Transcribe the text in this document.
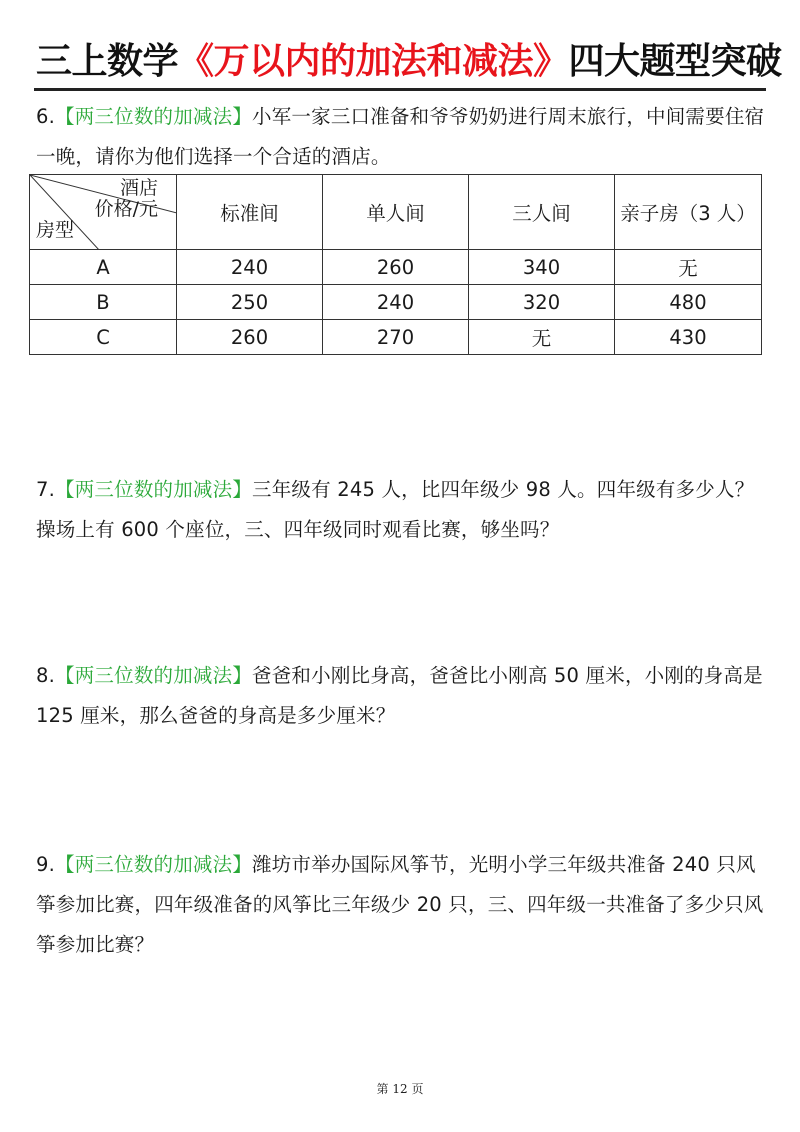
三上数学《万以内的加法和减法》四大题型突破
6.【两三位数的加减法】小军一家三口准备和爷爷奶奶进行周末旅行，中间需要住宿一晚，请你为他们选择一个合适的酒店。
酒店
价格/元
房型	标准间	单人间	三人间	亲子房（3 人）
A	240	260	340	无
B	250	240	320	480
C	260	270	无	430
7.【两三位数的加减法】三年级有 245 人，比四年级少 98 人。四年级有多少人？操场上有 600 个座位，三、四年级同时观看比赛，够坐吗？
8.【两三位数的加减法】爸爸和小刚比身高，爸爸比小刚高 50 厘米，小刚的身高是 125 厘米，那么爸爸的身高是多少厘米？
9.【两三位数的加减法】潍坊市举办国际风筝节，光明小学三年级共准备 240 只风筝参加比赛，四年级准备的风筝比三年级少 20 只，三、四年级一共准备了多少只风筝参加比赛？
第 12 页
